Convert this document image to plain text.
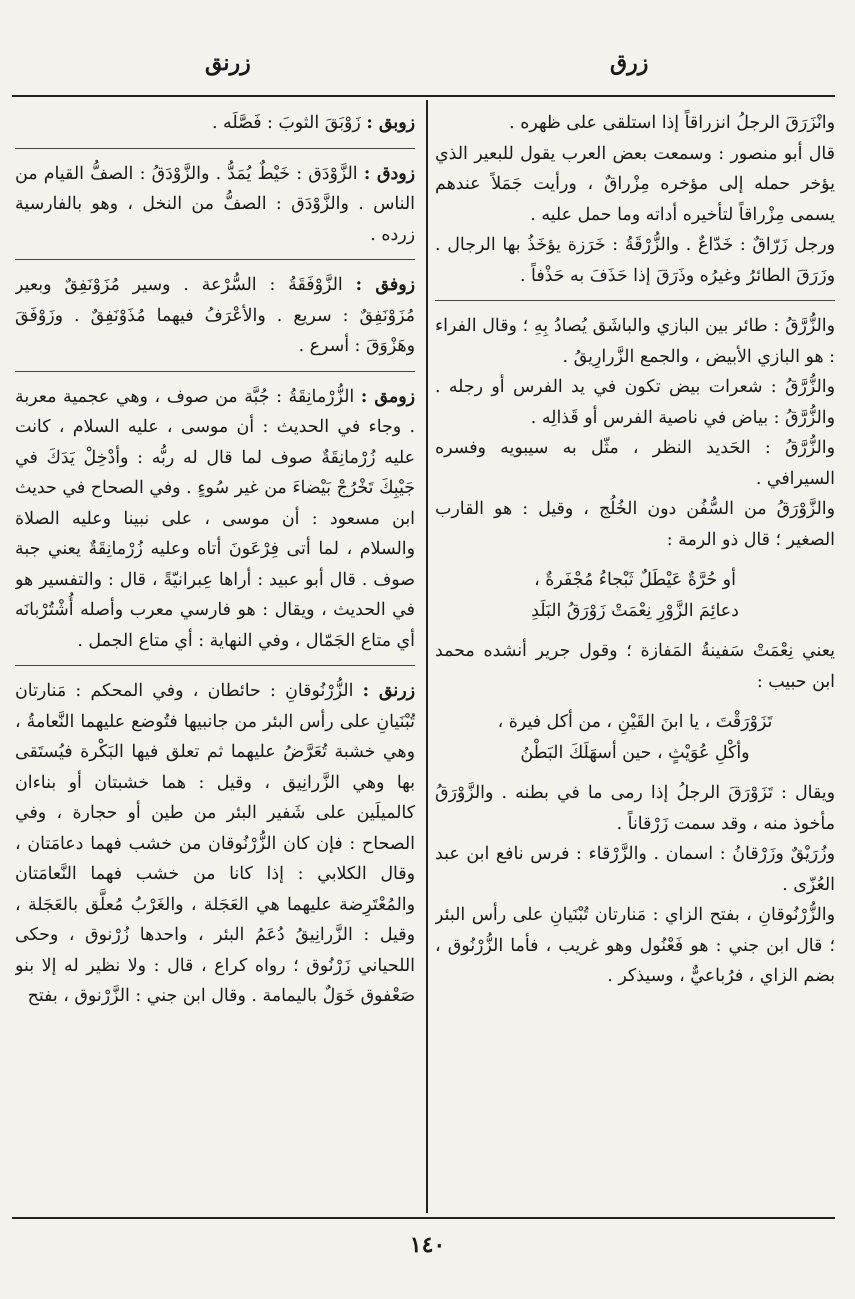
زرق
زرنق

وانْزَرَقَ الرجلُ انزراقاً إذا استلقى على ظهره .

قال أبو منصور : وسمعت بعض العرب يقول للبعير الذي يؤخر حمله إلى مؤخره مِزْراقٌ ، ورأيت جَمَلاً عندهم يسمى مِزْراقاً لتأخيره أداته وما حمل عليه .

ورجل زَرّاقٌ : خَدّاعٌ . والزُّرْقَةُ : خَرَزة يؤخَذُ بها الرجال . وزَرَقَ الطائرُ وغيرُه وذَرَقَ إذا حَذَفَ به حَذْفاً .

والزُّرَّقُ : طائر بين البازي والباشَق يُصادُ بِهِ ؛ وقال الفراء : هو البازي الأبيض ، والجمع الزَّرارِيقُ .

والزُّرَّقُ : شعرات بيض تكون في يد الفرس أو رجله . والزُّرَّقُ : بياض في ناصية الفرس أو قَذالِه .

والزُّرَّقُ : الحَديد النظر ، مثّل به سيبويه وفسره السيرافي .

والزَّوْرَقُ من السُّفُن دون الخُلُج ، وقيل : هو القارب الصغير ؛ قال ذو الرمة :

أو حُرَّةٌ عَيْطَلٌ ثَبْجاءُ مُجْفَرةٌ ،
دعائِمَ الزَّوْرِ نِعْمَتْ زَوْرَقُ البَلَدِ

يعني نِعْمَتْ سَفينةُ المَفازة ؛ وقول جرير أنشده محمد ابن حبيب :

تَزَوْرَقْتَ ، يا ابنَ القَيْنِ ، من أكل فيرة ،
وأكْلِ عُوَيْثٍ ، حين أسهَلَكَ البَطْنُ

ويقال : تَزَوْرَقَ الرجلُ إذا رمى ما في بطنه . والزَّوْرَقُ مأخوذ منه ، وقد سمت زَرْقاناً .

وزُرَيْقٌ وزَرْقانُ : اسمان . والزَّرْقاء : فرس نافع ابن عبد العُزّى .

والزُّرْنُوقانِ ، بفتح الزاي : مَنارتان تُبْنَيانِ على رأس البئر ؛ قال ابن جني : هو فَعْنُول وهو غريب ، فأما الزُّرْنُوق ، بضم الزاي ، فرُباعيٌّ ، وسيذكر .

زوبق : زَوْبَقَ الثوبَ : فَصَّلَه .

زودق : الزَّوْدَق : خَيْطٌ يُمَدُّ . والزَّوْدَقُ : الصفُّ القيام من الناس . والزَّوْدَق : الصفُّ من النخل ، وهو بالفارسية زرده .

زوفق : الزَّوْفَقَةُ : السُّرْعة . وسير مُزَوْنَفِقٌ وبعير مُزَوْنَفِقٌ : سريع . والأعْرَفُ فيهما مُذَوْنَفِقٌ . وزَوْفَقَ وهَزْوَقَ : أسرع .

زومق : الزُّرْمانِقَةُ : جُبَّة من صوف ، وهي عجمية معربة . وجاء في الحديث : أن موسى ، عليه السلام ، كانت عليه زُرْمانِقَةٌ صوف لما قال له ربُّه : وأدْخِلْ يَدَكَ في جَيْبِكَ تَخْرُجْ بَيْضاءَ من غير سُوءٍ . وفي الصحاح في حديث ابن مسعود : أن موسى ، على نبينا وعليه الصلاة والسلام ، لما أتى فِرْعَونَ أتاه وعليه زُرْمانِقَةٌ يعني جبة صوف . قال أبو عبيد : أراها عِبرانيّةً ، قال : والتفسير هو في الحديث ، ويقال : هو فارسي معرب وأصله أُشْتُرْبانَه أي متاع الجَمّال ، وفي النهاية : أي متاع الجمل .

زرنق : الزُّرْنُوقانِ : حائطان ، وفي المحكم : مَنارتان تُبْنَيانِ على رأس البئر من جانبيها فتُوضع عليهما النَّعامةُ ، وهي خشبة تُعَرَّضُ عليهما ثم تعلق فيها البَكْرة فيُستَقى بها وهي الزَّرانِيق ، وقيل : هما خشبتان أو بناءان كالميلَين على شَفير البئر من طين أو حجارة ، وفي الصحاح : فإن كان الزُّرْنُوقان من خشب فهما دعامَتان ، وقال الكلابي : إذا كانا من خشب فهما النَّعامَتان والمُعْتَرِضة عليهما هي العَجَلة ، والغَرْبُ مُعلَّق بالعَجَلة ، وقيل : الزَّرانِيقُ دُعَمُ البئر ، واحدها زُرْنوق ، وحكى اللحياني زَرْنُوق ؛ رواه كراع ، قال : ولا نظير له إلا بنو صَعْفوق خَوَلٌ باليمامة . وقال ابن جني : الزَّرْنوق ، بفتح

١٤٠
